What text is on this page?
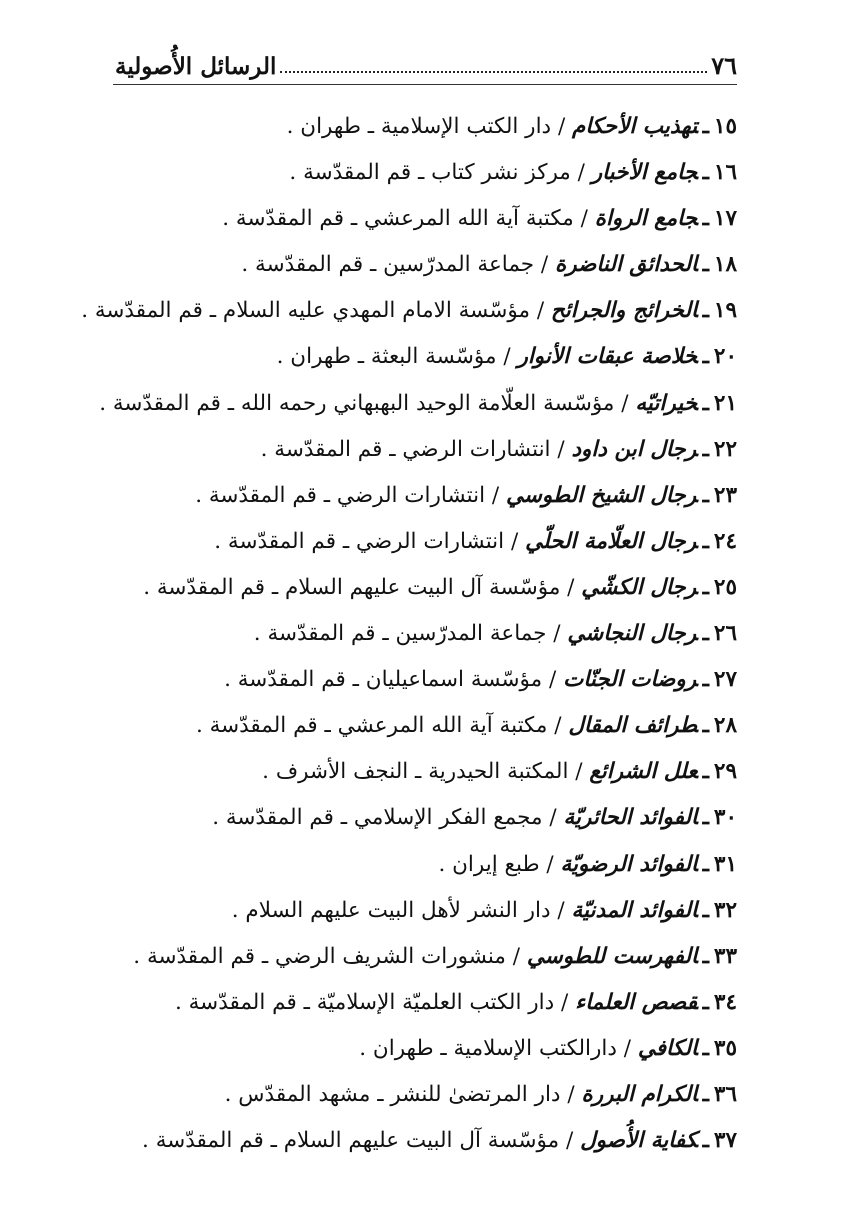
٧٦
الرسائل الأُصولية
١٥ـتهذيب الأحكام / دار الكتب الإسلامية ـ طهران .
١٦ـجامع الأخبار / مركز نشر كتاب ـ قم المقدّسة .
١٧ـجامع الرواة / مكتبة آية الله المرعشي ـ قم المقدّسة .
١٨ـالحدائق الناضرة / جماعة المدرّسين ـ قم المقدّسة .
١٩ـالخرائج والجرائح / مؤسّسة الامام المهدي عليه السلام ـ قم المقدّسة .
٢٠ـخلاصة عبقات الأنوار / مؤسّسة البعثة ـ طهران .
٢١ـخيراتيّه / مؤسّسة العلّامة الوحيد البهبهاني رحمه الله ـ قم المقدّسة .
٢٢ـرجال ابن داود / انتشارات الرضي ـ قم المقدّسة .
٢٣ـرجال الشيخ الطوسي / انتشارات الرضي ـ قم المقدّسة .
٢٤ـرجال العلّامة الحلّي / انتشارات الرضي ـ قم المقدّسة .
٢٥ـرجال الكشّي / مؤسّسة آل البيت عليهم السلام ـ قم المقدّسة .
٢٦ـرجال النجاشي / جماعة المدرّسين ـ قم المقدّسة .
٢٧ـروضات الجنّات / مؤسّسة اسماعيليان ـ قم المقدّسة .
٢٨ـطرائف المقال / مكتبة آية الله المرعشي ـ قم المقدّسة .
٢٩ـعلل الشرائع / المكتبة الحيدرية ـ النجف الأشرف .
٣٠ـالفوائد الحائريّة / مجمع الفكر الإسلامي ـ قم المقدّسة .
٣١ـالفوائد الرضويّة / طبع إيران .
٣٢ـالفوائد المدنيّة / دار النشر لأهل البيت عليهم السلام .
٣٣ـالفهرست للطوسي / منشورات الشريف الرضي ـ قم المقدّسة .
٣٤ـقصص العلماء / دار الكتب العلميّة الإسلاميّة ـ قم المقدّسة .
٣٥ـالكافي / دارالكتب الإسلامية ـ طهران .
٣٦ـالكرام البررة / دار المرتضىٰ للنشر ـ مشهد المقدّس .
٣٧ـكفاية الأُصول / مؤسّسة آل البيت عليهم السلام ـ قم المقدّسة .
